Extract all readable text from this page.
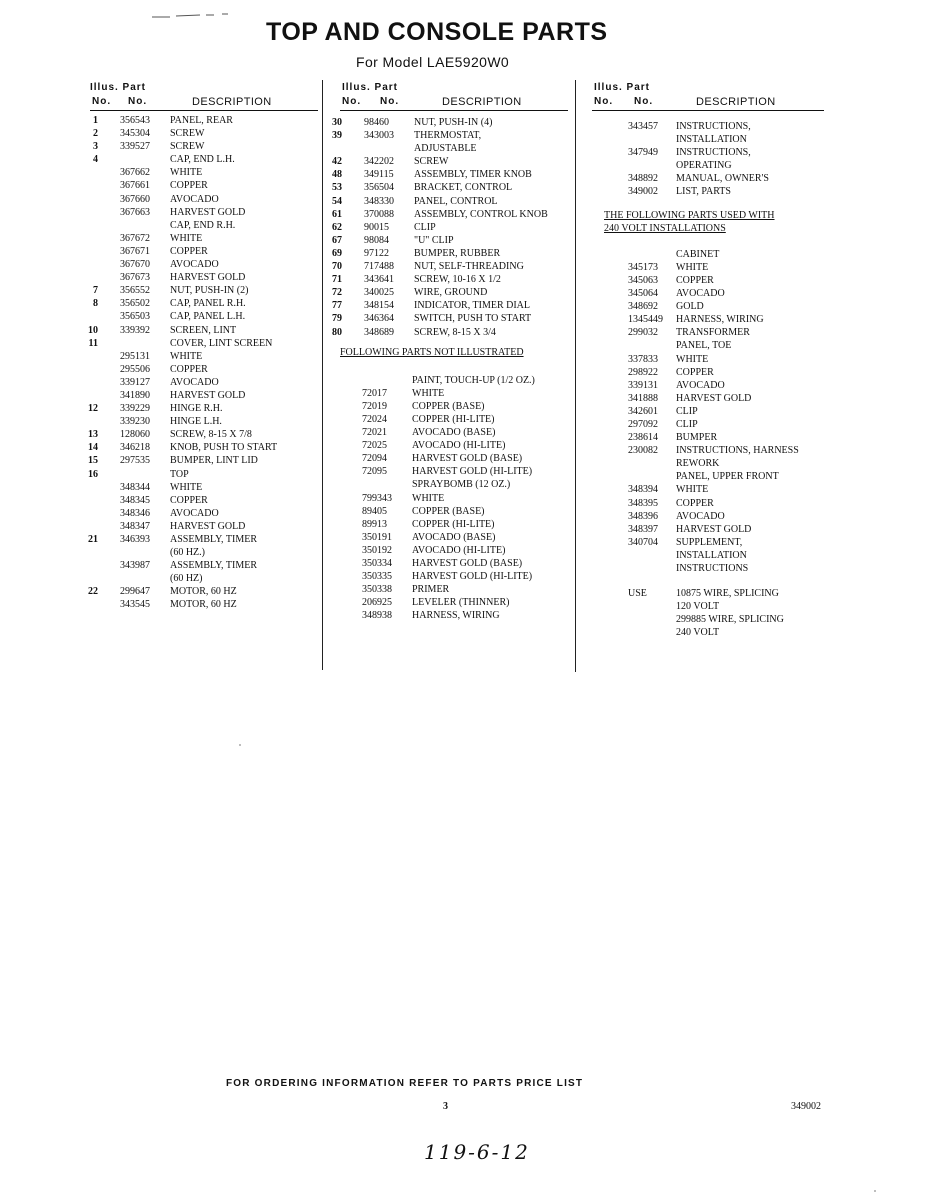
TOP AND CONSOLE PARTS
For Model LAE5920W0
Illus. Part
No. No.	DESCRIPTION
1 356543 PANEL, REAR
2 345304 SCREW
3 339527 SCREW
4	CAP, END L.H.
367662 WHITE
367661 COPPER
367660 AVOCADO
367663 HARVEST GOLD
CAP, END R.H.
367672 WHITE
367671 COPPER
367670 AVOCADO
367673 HARVEST GOLD
7 356552 NUT, PUSH-IN (2)
8 356502 CAP, PANEL R.H.
356503 CAP, PANEL L.H.
10 339392 SCREEN, LINT
11	COVER, LINT SCREEN
295131 WHITE
295506 COPPER
339127 AVOCADO
341890 HARVEST GOLD
12 339229 HINGE R.H.
339230 HINGE L.H.
13 128060 SCREW, 8-15 X 7/8
14 346218 KNOB, PUSH TO START
15 297535 BUMPER, LINT LID
16	TOP
348344 WHITE
348345 COPPER
348346 AVOCADO
348347 HARVEST GOLD
21 346393 ASSEMBLY, TIMER
(60 HZ.)
343987 ASSEMBLY, TIMER
(60 HZ)
22 299647 MOTOR, 60 HZ
343545 MOTOR, 60 HZ
Illus. Part
No. No.	DESCRIPTION
30 98460	NUT, PUSH-IN (4)
39 343003 THERMOSTAT,
ADJUSTABLE
42 342202 SCREW
48 349115 ASSEMBLY, TIMER KNOB
53 356504 BRACKET, CONTROL
54 348330 PANEL, CONTROL
61 370088 ASSEMBLY, CONTROL KNOB
62 90015	CLIP
67 98084	"U" CLIP
69 97122	BUMPER, RUBBER
70 717488 NUT, SELF-THREADING
71 343641 SCREW, 10-16 X 1/2
72 340025 WIRE, GROUND
77 348154 INDICATOR, TIMER DIAL
79 346364 SWITCH, PUSH TO START
80 348689 SCREW, 8-15 X 3/4
FOLLOWING PARTS NOT ILLUSTRATED
PAINT, TOUCH-UP (1/2 OZ.)
72017	WHITE
72019	COPPER (BASE)
72024	COPPER (HI-LITE)
72021	AVOCADO (BASE)
72025	AVOCADO (HI-LITE)
72094	HARVEST GOLD (BASE)
72095	HARVEST GOLD (HI-LITE)
SPRAYBOMB (12 OZ.)
799343 WHITE
89405	COPPER (BASE)
89913	COPPER (HI-LITE)
350191 AVOCADO (BASE)
350192 AVOCADO (HI-LITE)
350334 HARVEST GOLD (BASE)
350335 HARVEST GOLD (HI-LITE)
350338 PRIMER
206925 LEVELER (THINNER)
348938 HARNESS, WIRING
Illus. Part
No. No.	DESCRIPTION
343457 INSTRUCTIONS,
INSTALLATION
347949 INSTRUCTIONS,
OPERATING
348892 MANUAL, OWNER'S
349002 LIST, PARTS
THE FOLLOWING PARTS USED WITH
240 VOLT INSTALLATIONS
CABINET
345173 WHITE
345063 COPPER
345064 AVOCADO
348692 GOLD
1345449 HARNESS, WIRING
299032 TRANSFORMER
PANEL, TOE
337833 WHITE
298922 COPPER
339131 AVOCADO
341888 HARVEST GOLD
342601 CLIP
297092 CLIP
238614 BUMPER
230082 INSTRUCTIONS, HARNESS
REWORK
PANEL, UPPER FRONT
348394 WHITE
348395 COPPER
348396 AVOCADO
348397 HARVEST GOLD
340704 SUPPLEMENT,
INSTALLATION
INSTRUCTIONS
USE	10875 WIRE, SPLICING
120 VOLT
299885 WIRE, SPLICING
240 VOLT
FOR ORDERING INFORMATION REFER TO PARTS PRICE LIST
3	349002
119-6-12
